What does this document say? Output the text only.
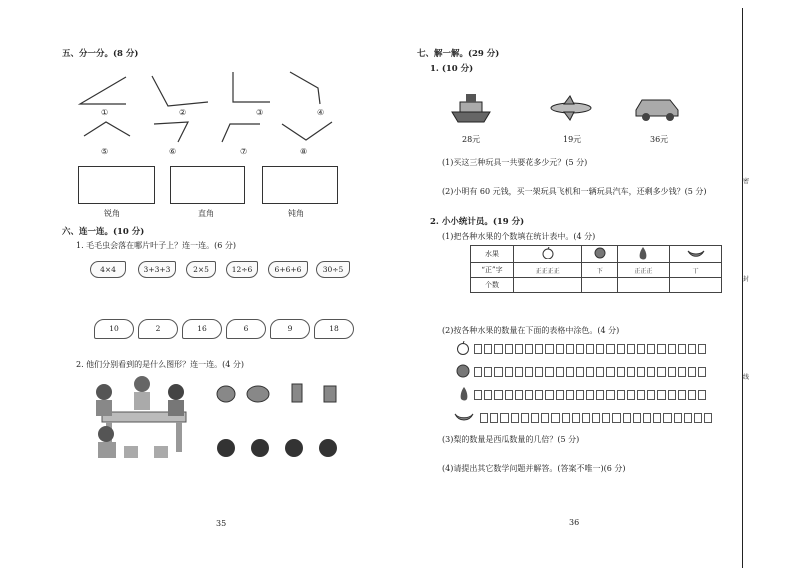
五、分一分。(8 分)
①	②	③	④
⑤	⑥	⑦	⑧
锐角	直角	钝角
六、连一连。(10 分)
1. 毛毛虫会落在哪片叶子上？连一连。(6 分)
4×4	3+3+3	2×5	12÷6	6+6+6	30÷5
10	2	16	6	9	18
2. 他们分别看到的是什么图形？连一连。(4 分)
35
七、解一解。(29 分)
1. (10 分)
28元	19元	36元
(1)买这三种玩具一共要花多少元？(5 分)
(2)小明有 60 元钱，买一架玩具飞机和一辆玩具汽车，还剩多少钱？(5 分)
2. 小小统计员。(19 分)
(1)把各种水果的个数填在统计表中。(4 分)
水果				
“正”字	正正正正	下	正正正	丅
个数				
(2)按各种水果的数量在下面的表格中涂色。(4 分)
(3)梨的数量是西瓜数量的几倍？(5 分)
(4)请提出其它数学问题并解答。(答案不唯一)(6 分)
36
密
封
线
